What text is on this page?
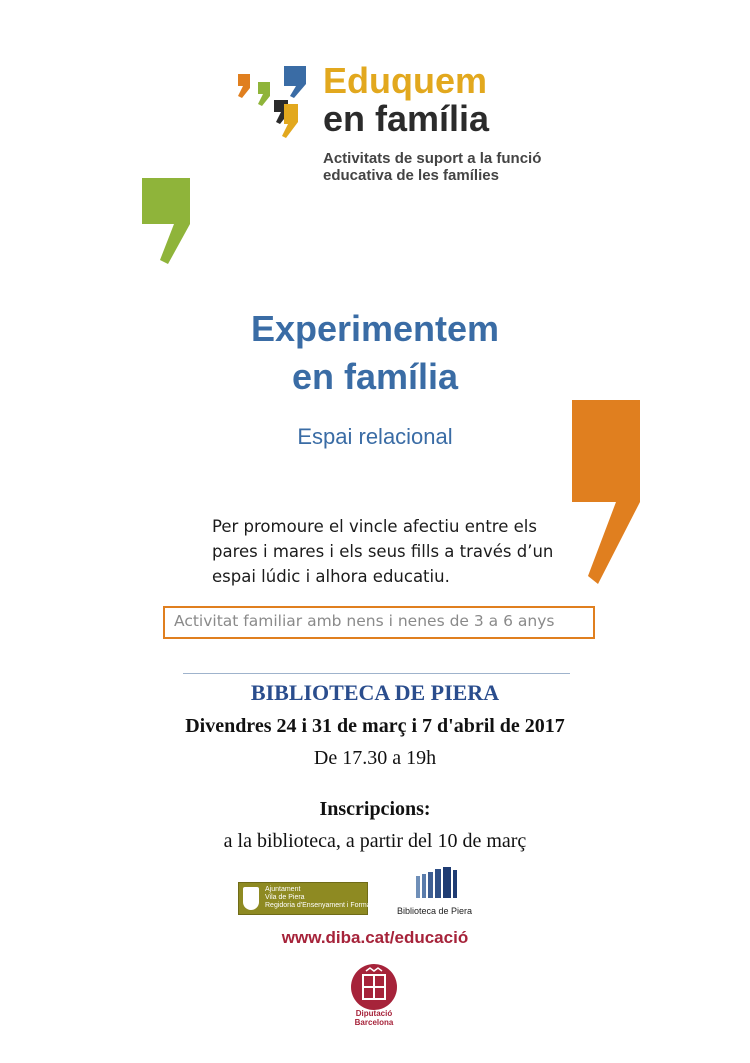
Eduquem
en família
Activitats de suport a la funció
educativa de les famílies
Experimentem
en família
Espai relacional
Per promoure el vincle afectiu entre els
pares i mares i els seus fills a través d’un
espai lúdic i alhora educatiu.
Activitat familiar amb nens i nenes de 3 a 6 anys
BIBLIOTECA DE PIERA
Divendres 24 i 31 de març i 7 d'abril de 2017
De 17.30 a 19h
Inscripcions:
a la biblioteca, a partir del 10 de març
Ajuntament
Vila de Piera
Regidoria d'Ensenyament i Formació
Biblioteca de Piera
www.diba.cat/educació
Diputació
Barcelona
